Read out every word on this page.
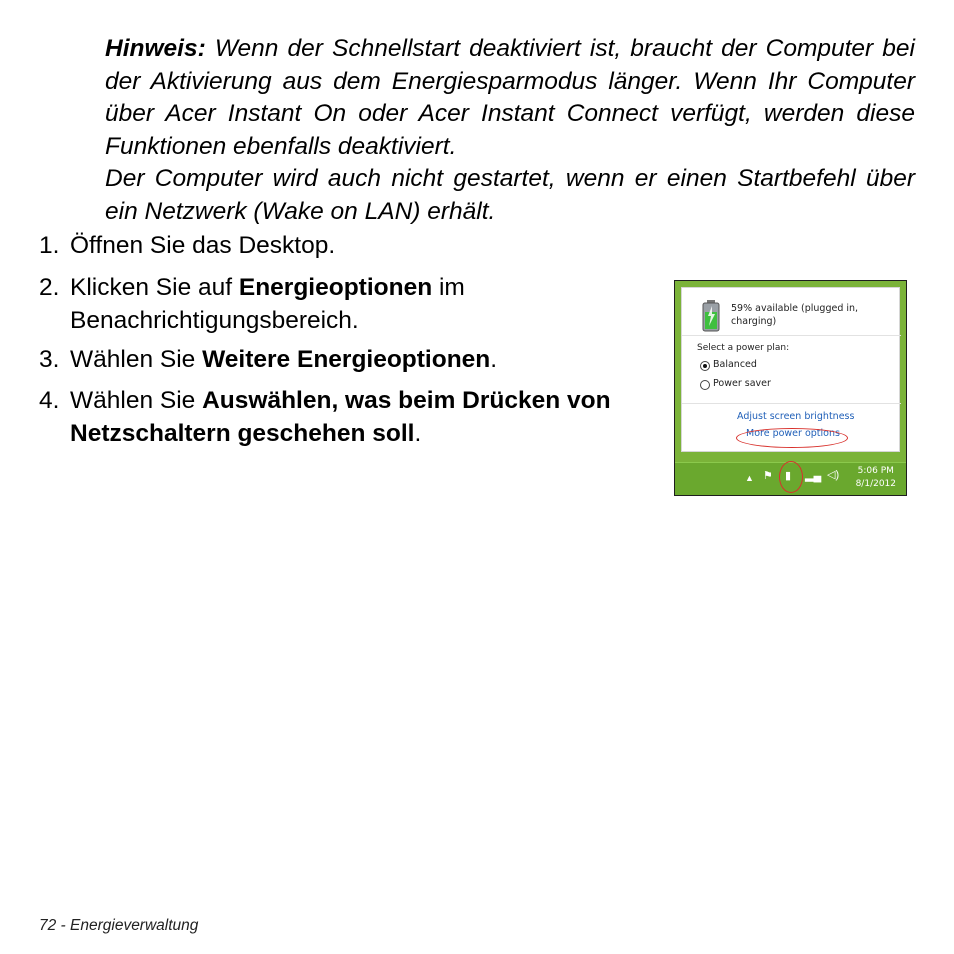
Hinweis: Wenn der Schnellstart deaktiviert ist, braucht der Computer bei der Aktivierung aus dem Energiesparmodus länger. Wenn Ihr Computer über Acer Instant On oder Acer Instant Connect verfügt, werden diese Funktionen ebenfalls deaktiviert.

Der Computer wird auch nicht gestartet, wenn er einen Startbefehl über ein Netzwerk (Wake on LAN) erhält.

1. Öffnen Sie das Desktop.
2. Klicken Sie auf Energieoptionen im Benachrichtigungsbereich.
3. Wählen Sie Weitere Energieoptionen.
4. Wählen Sie Auswählen, was beim Drücken von Netzschaltern geschehen soll.
59% available (plugged in, charging)
Select a power plan:
Balanced
Power saver
Adjust screen brightness
More power options
▲ ⚑ ▮ ▂▄ ◁) 5:06 PM
8/1/2012
72 - Energieverwaltung
